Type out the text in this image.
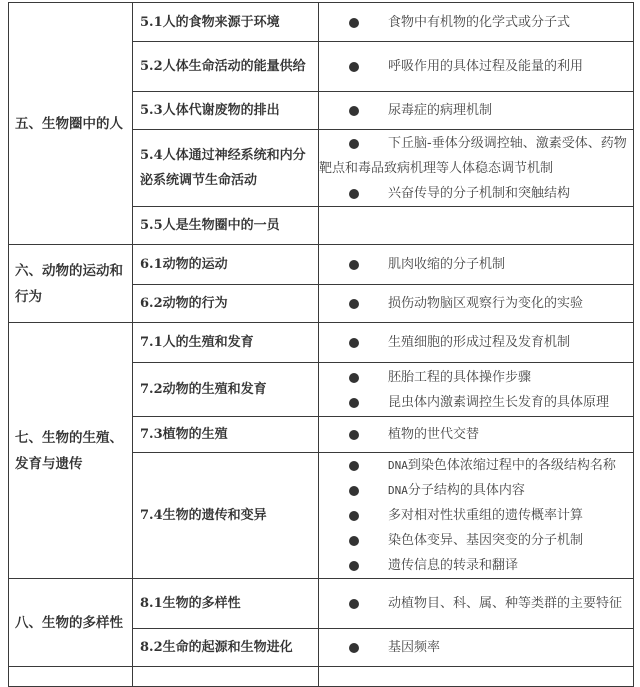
五、生物圈中的人	5.1人的食物来源于环境	食物中有机物的化学式或分子式

	5.2人体生命活动的能量供给	呼吸作用的具体过程及能量的利用

	5.3人体代谢废物的排出	尿毒症的病理机制

	5.4人体通过神经系统和内分泌系统调节生命活动	下丘脑-垂体分级调控轴、激素受体、药物靶点和毒品致病机理等人体稳态调节机制
兴奋传导的分子机制和突触结构

	5.5人是生物圈中的一员	
六、动物的运动和行为	6.1动物的运动	肌肉收缩的分子机制

	6.2动物的行为	损伤动物脑区观察行为变化的实验

七、生物的生殖、发育与遗传	7.1人的生殖和发育	生殖细胞的形成过程及发育机制

	7.2动物的生殖和发育	胚胎工程的具体操作步骤
昆虫体内激素调控生长发育的具体原理

	7.3植物的生殖	植物的世代交替

	7.4生物的遗传和变异	DNA到染色体浓缩过程中的各级结构名称
DNA分子结构的具体内容
多对相对性状重组的遗传概率计算
染色体变异、基因突变的分子机制
遗传信息的转录和翻译

八、生物的多样性	8.1生物的多样性	动植物目、科、属、种等类群的主要特征

	8.2生命的起源和生物进化	基因频率
